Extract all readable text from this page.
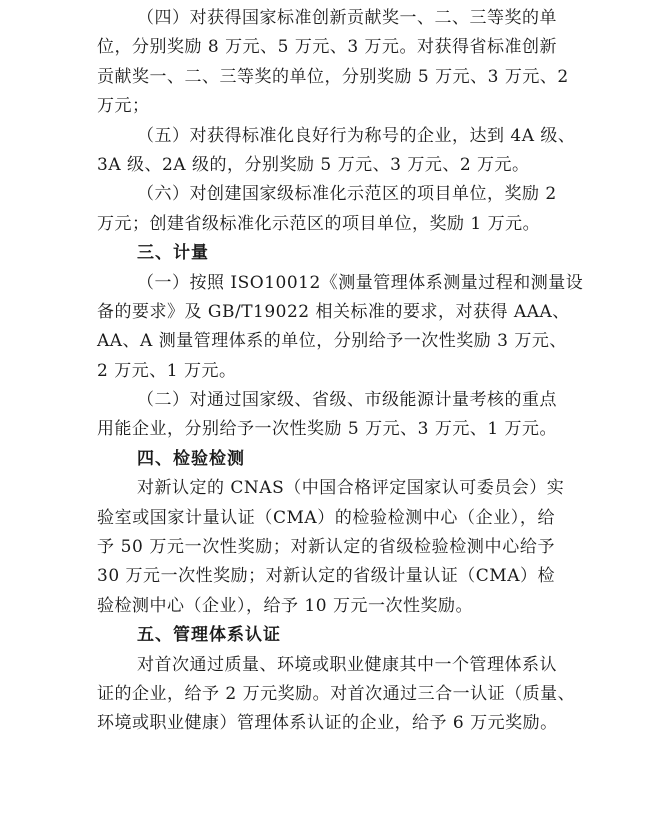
（四）对获得国家标准创新贡献奖一、二、三等奖的单
位，分别奖励 8 万元、5 万元、3 万元。对获得省标准创新
贡献奖一、二、三等奖的单位，分别奖励 5 万元、3 万元、2
万元；
（五）对获得标准化良好行为称号的企业，达到 4A 级、
3A 级、2A 级的，分别奖励 5 万元、3 万元、2 万元。
（六）对创建国家级标准化示范区的项目单位，奖励 2
万元；创建省级标准化示范区的项目单位，奖励 1 万元。
三、计量
（一）按照 ISO10012《测量管理体系测量过程和测量设
备的要求》及 GB/T19022 相关标准的要求，对获得 AAA、
AA、A 测量管理体系的单位，分别给予一次性奖励 3 万元、
2 万元、1 万元。
（二）对通过国家级、省级、市级能源计量考核的重点
用能企业，分别给予一次性奖励 5 万元、3 万元、1 万元。
四、检验检测
对新认定的 CNAS（中国合格评定国家认可委员会）实
验室或国家计量认证（CMA）的检验检测中心（企业），给
予 50 万元一次性奖励；对新认定的省级检验检测中心给予
30 万元一次性奖励；对新认定的省级计量认证（CMA）检
验检测中心（企业），给予 10 万元一次性奖励。
五、管理体系认证
对首次通过质量、环境或职业健康其中一个管理体系认
证的企业，给予 2 万元奖励。对首次通过三合一认证（质量、
环境或职业健康）管理体系认证的企业，给予 6 万元奖励。
